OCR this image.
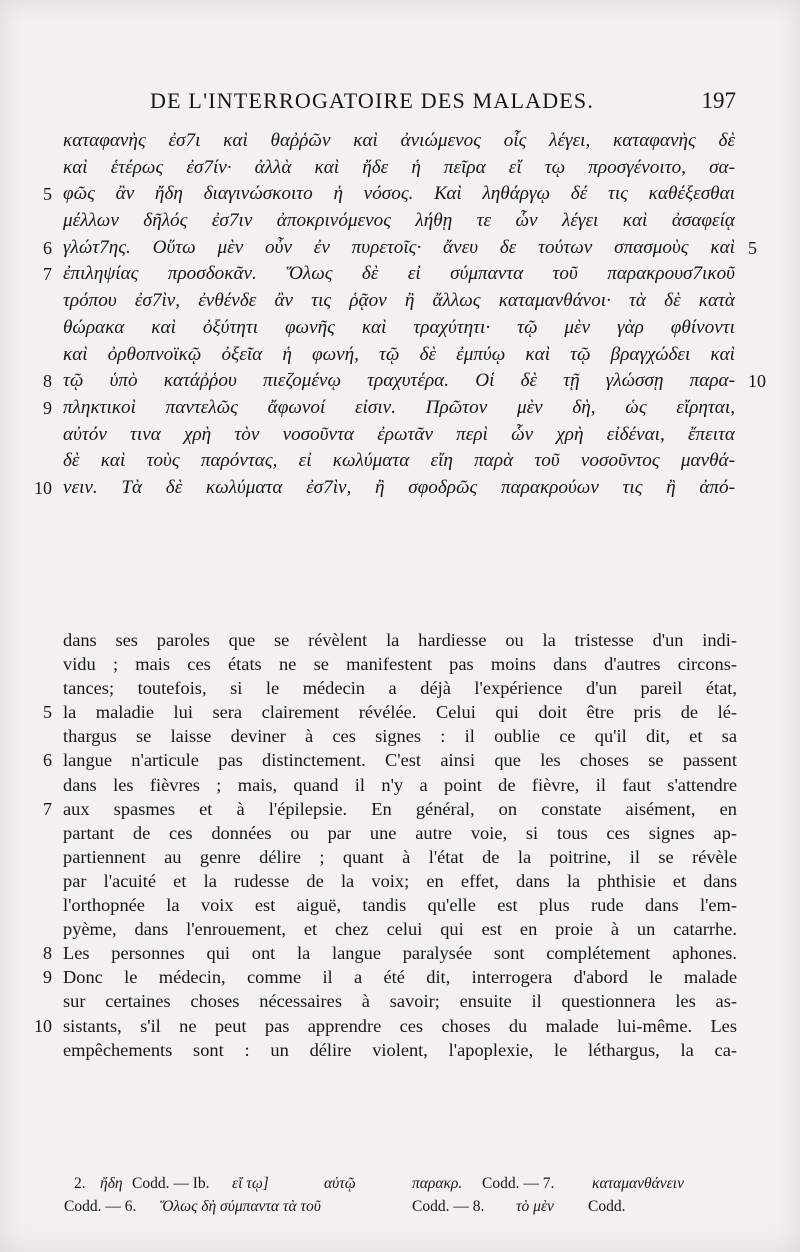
DE L'INTERROGATOIRE DES MALADES.	197
καταφανὴς ἐσ7ι καὶ θαῤῥῶν καὶ ἀνιώμενος οἷς λέγει, καταφανὴς δὲ
καὶ ἑτέρως ἐσ7ίν· ἀλλὰ καὶ ἤδε ἡ πεῖρα εἴ τῳ προσγένοιτο, σα-
5 φῶς ἂν ἤδη διαγινώσκοιτο ἡ νόσος. Καὶ ληθάργῳ δέ τις καθέξεσθαι
μέλλων δῆλός ἐσ7ιν ἀποκρινόμενος λήθῃ τε ὧν λέγει καὶ ἀσαφείᾳ
6 γλώτ7ης. Οὕτω μὲν οὖν ἐν πυρετοῖς· ἄνευ δε τούτων σπασμοὺς καὶ 5
7 ἐπιληψίας προσδοκᾶν. Ὅλως δὲ εἰ σύμπαντα τοῦ παρακρουσ7ικοῦ
τρόπου ἐσ7ὶν, ἐνθένδε ἂν τις ῥᾷον ἢ ἄλλως καταμανθάνοι· τὰ δὲ κατὰ
θώρακα καὶ ὀξύτητι φωνῆς καὶ τραχύτητι· τῷ μὲν γὰρ φθίνοντι
καὶ ὀρθοπνοϊκῷ ὀξεῖα ἡ φωνή, τῷ δὲ ἐμπύῳ καὶ τῷ βραγχώδει καὶ
8 τῷ ὑπὸ κατάῤῥου πιεζομένῳ τραχυτέρα. Οἱ δὲ τῇ γλώσσῃ παρα- 10
9 πληκτικοὶ παντελῶς ἄφωνοί εἰσιν. Πρῶτον μὲν δὴ, ὡς εἴρηται,
αὐτόν τινα χρὴ τὸν νοσοῦντα ἐρωτᾶν περὶ ὧν χρὴ εἰδέναι, ἔπειτα
δὲ καὶ τοὺς παρόντας, εἰ κωλύματα εἴη παρὰ τοῦ νοσοῦντος μανθά-
10 νειν. Τὰ δὲ κωλύματα ἐσ7ὶν, ἢ σφοδρῶς παρακρούων τις ἢ ἀπό-
dans ses paroles que se révèlent la hardiesse ou la tristesse d'un indi-
vidu ; mais ces états ne se manifestent pas moins dans d'autres circons-
tances; toutefois, si le médecin a déjà l'expérience d'un pareil état,
5 la maladie lui sera clairement révélée. Celui qui doit être pris de lé-
thargus se laisse deviner à ces signes : il oublie ce qu'il dit, et sa
6 langue n'articule pas distinctement. C'est ainsi que les choses se passent
dans les fièvres ; mais, quand il n'y a point de fièvre, il faut s'attendre
7 aux spasmes et à l'épilepsie. En général, on constate aisément, en
partant de ces données ou par une autre voie, si tous ces signes ap-
partiennent au genre délire ; quant à l'état de la poitrine, il se révèle
par l'acuité et la rudesse de la voix; en effet, dans la phthisie et dans
l'orthopnée la voix est aiguë, tandis qu'elle est plus rude dans l'em-
pyème, dans l'enrouement, et chez celui qui est en proie à un catarrhe.
8 Les personnes qui ont la langue paralysée sont complétement aphones.
9 Donc le médecin, comme il a été dit, interrogera d'abord le malade
sur certaines choses nécessaires à savoir; ensuite il questionnera les as-
10 sistants, s'il ne peut pas apprendre ces choses du malade lui-même. Les
empêchements sont : un délire violent, l'apoplexie, le léthargus, la ca-
2. ἤδη Codd. — Ib. εἴ τῳ]	αὐτῷ	παρακρ. Codd. — 7. καταμανθάνειν
Codd. — 6. Ὅλως δὴ σύμπαντα τὰ τοῦ	Codd. — 8. τὸ μὲν Codd.
